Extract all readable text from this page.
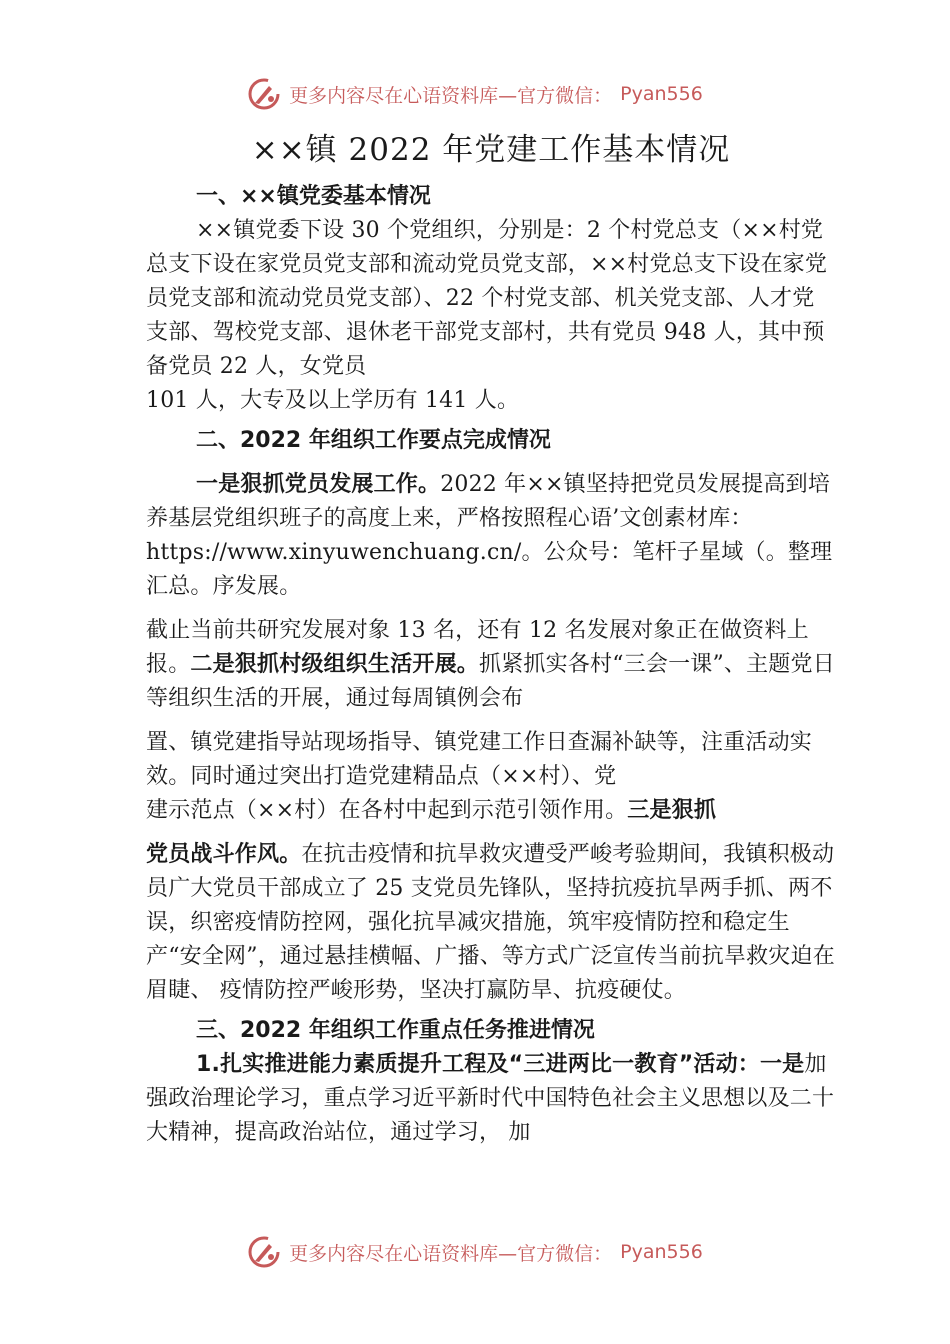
更多内容尽在心语资料库—官方微信： Pyan556
××镇 2022 年党建工作基本情况

一、××镇党委基本情况

××镇党委下设 30 个党组织，分别是：2 个村党总支（××村党总支下设在家党员党支部和流动党员党支部，××村党总支下设在家党员党支部和流动党员党支部）、22 个村党支部、机关党支部、人才党支部、驾校党支部、退休老干部党支部村，共有党员 948 人，其中预备党员 22 人，女党员

101 人，大专及以上学历有 141 人。

二、2022 年组织工作要点完成情况

一是狠抓党员发展工作。2022 年××镇坚持把党员发展提高到培养基层党组织班子的高度上来，严格按照程心语’文创素材库：https://www.xinyuwenchuang.cn/。公众号：笔杆子星域（。整理汇总。序发展。

截止当前共研究发展对象 13 名，还有 12 名发展对象正在做资料上报。二是狠抓村级组织生活开展。抓紧抓实各村“三会一课”、主题党日等组织生活的开展，通过每周镇例会布

置、镇党建指导站现场指导、镇党建工作日查漏补缺等，注重活动实效。同时通过突出打造党建精品点（××村）、党

建示范点（××村）在各村中起到示范引领作用。三是狠抓

党员战斗作风。在抗击疫情和抗旱救灾遭受严峻考验期间，我镇积极动员广大党员干部成立了 25 支党员先锋队，坚持抗疫抗旱两手抓、两不误，织密疫情防控网，强化抗旱减灾措施，筑牢疫情防控和稳定生产“安全网”，通过悬挂横幅、广播、等方式广泛宣传当前抗旱救灾迫在眉睫、 疫情防控严峻形势，坚决打赢防旱、抗疫硬仗。

三、2022 年组织工作重点任务推进情况

1.扎实推进能力素质提升工程及“三进两比一教育”活动：一是加强政治理论学习，重点学习近平新时代中国特色社会主义思想以及二十大精神，提高政治站位，通过学习， 加

更多内容尽在心语资料库—官方微信： Pyan556
